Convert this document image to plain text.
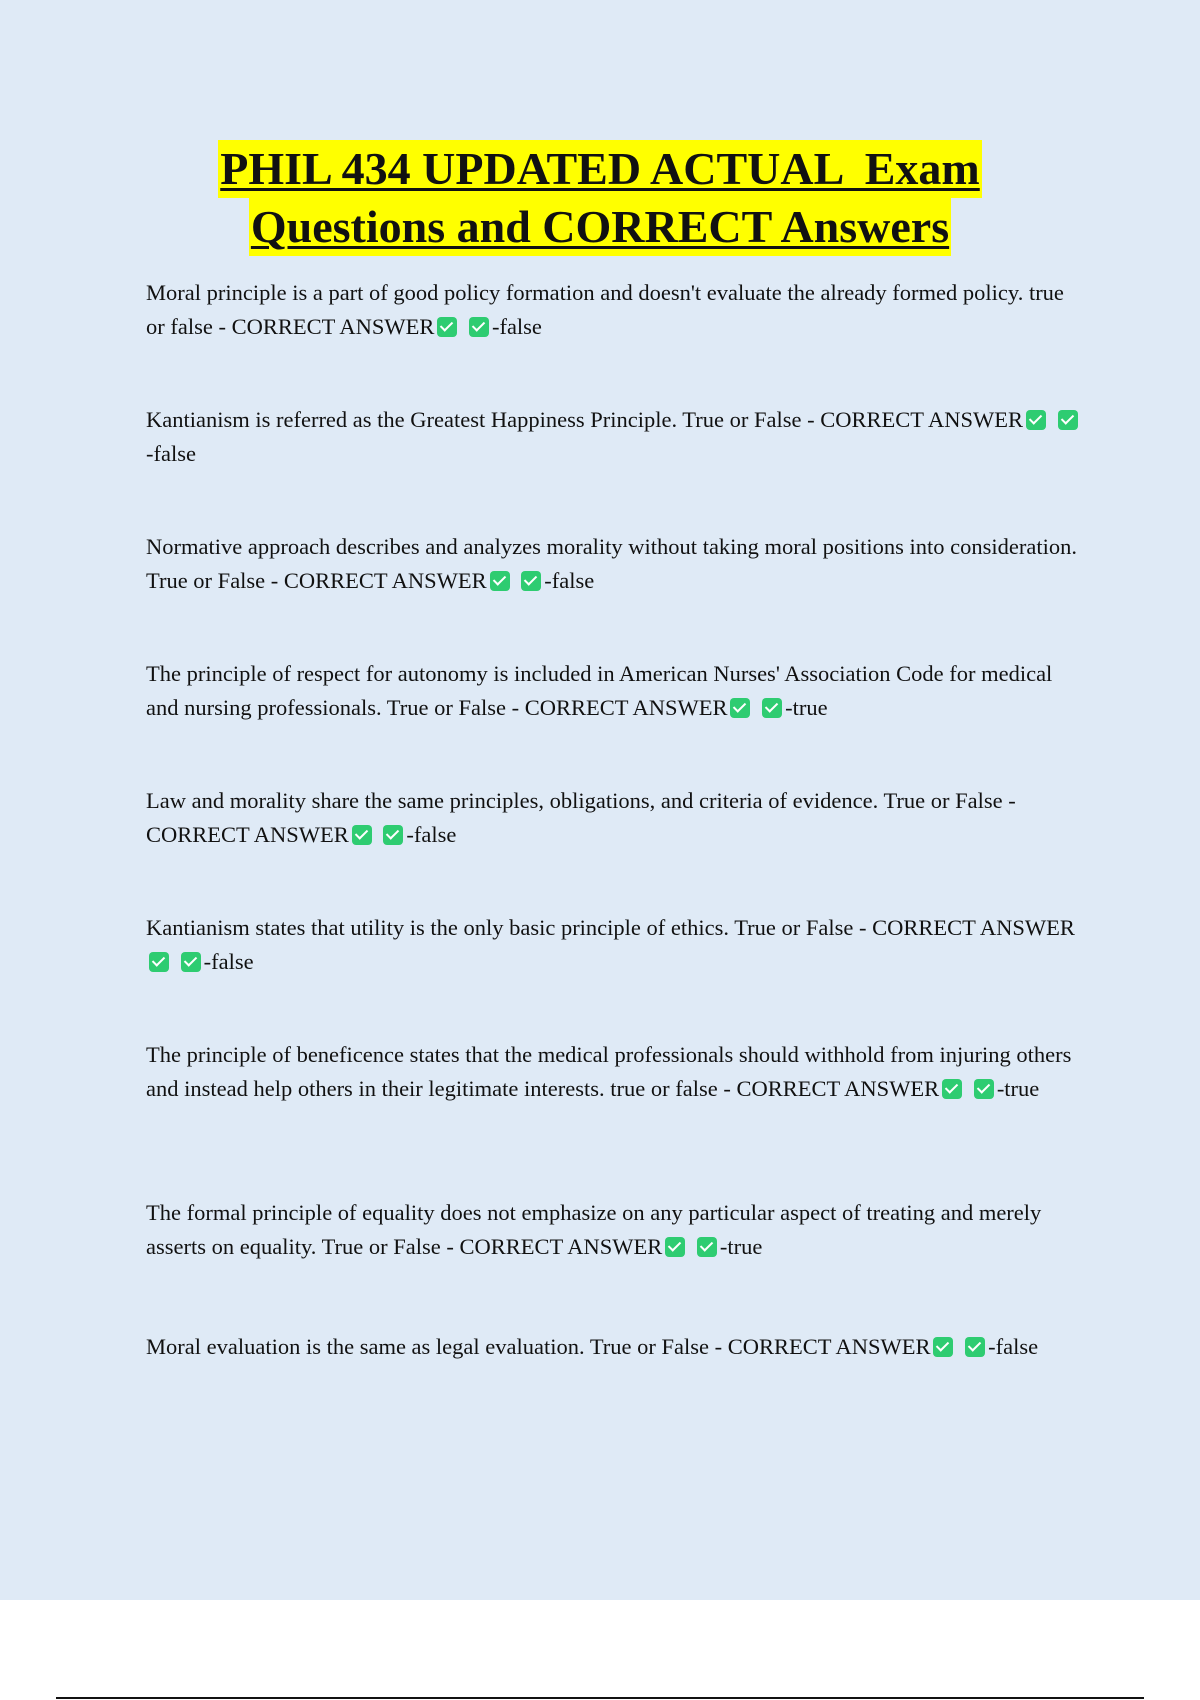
PHIL 434 UPDATED ACTUAL  Exam
Questions and CORRECT Answers

Moral principle is a part of good policy formation and doesn't evaluate the already formed policy. true or false - CORRECT ANSWER	-false

Kantianism is referred as the Greatest Happiness Principle. True or False - CORRECT ANSWER -false

Normative approach describes and analyzes morality without taking moral positions into consideration. True or False - CORRECT ANSWER	-false

The principle of respect for autonomy is included in American Nurses' Association Code for medical and nursing professionals. True or False - CORRECT ANSWER	-true

Law and morality share the same principles, obligations, and criteria of evidence. True or False - CORRECT ANSWER	-false

Kantianism states that utility is the only basic principle of ethics. True or False - CORRECT ANSWER -false

The principle of beneficence states that the medical professionals should withhold from injuring others and instead help others in their legitimate interests. true or false - CORRECT ANSWER	-true

The formal principle of equality does not emphasize on any particular aspect of treating and merely asserts on equality. True or False - CORRECT ANSWER	-true

Moral evaluation is the same as legal evaluation. True or False - CORRECT ANSWER	-false
